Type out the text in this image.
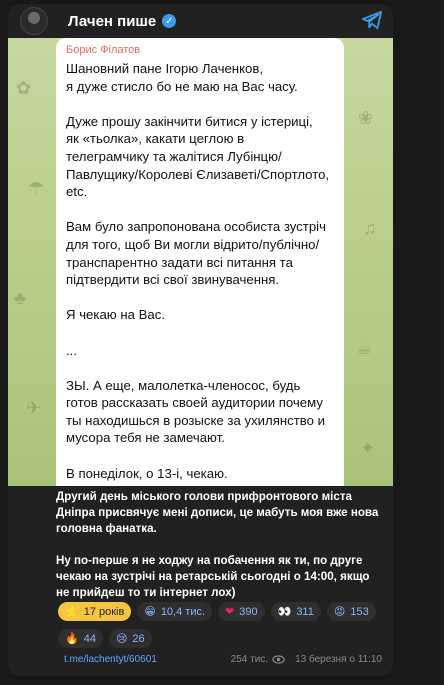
Лачен пише ✓
✿
☂
♣
✈
❀
♫
☕
✦
Борис Філатов

Шановний пане Ігорю Лаченков,
я дуже стисло бо не маю на Вас часу.

Дуже прошу закінчити битися у істериці,
як «тьолка», какати цеглою в
телеграмчику та жалітися Лубінцю/
Павлущику/Королеві Єлизаветі/Спортлото,
etc.

Вам було запропонована особиста зустріч
для того, щоб Ви могли відрито/публічно/
транспарентно задати всі питання та
підтвердити всі свої звинувачення.

Я чекаю на Вас.

...

ЗЫ. А еще, малолетка-членосос, будь
готов рассказать своей аудитории почему
ты находишься в розыске за ухилянство и
мусора тебя не замечают.

В понеділок, о 13-і, чекаю.

Другий день міського голови прифронтового міста Дніпра присвячує мені дописи, це мабуть моя вже нова головна фанатка.

Ну по-перше я не ходжу на побачення як ти, по друге чекаю на зустрічі на ретарській сьогодні о 14:00, якщо не прийдеш то ти інтернет лох)

⭐ 17 років 😁 10,4 тис. ❤ 390 👀 311 😡 153
🔥 44 😢 26
t.me/lachentyt/60601	254 тис.	13 березня о 11:10
